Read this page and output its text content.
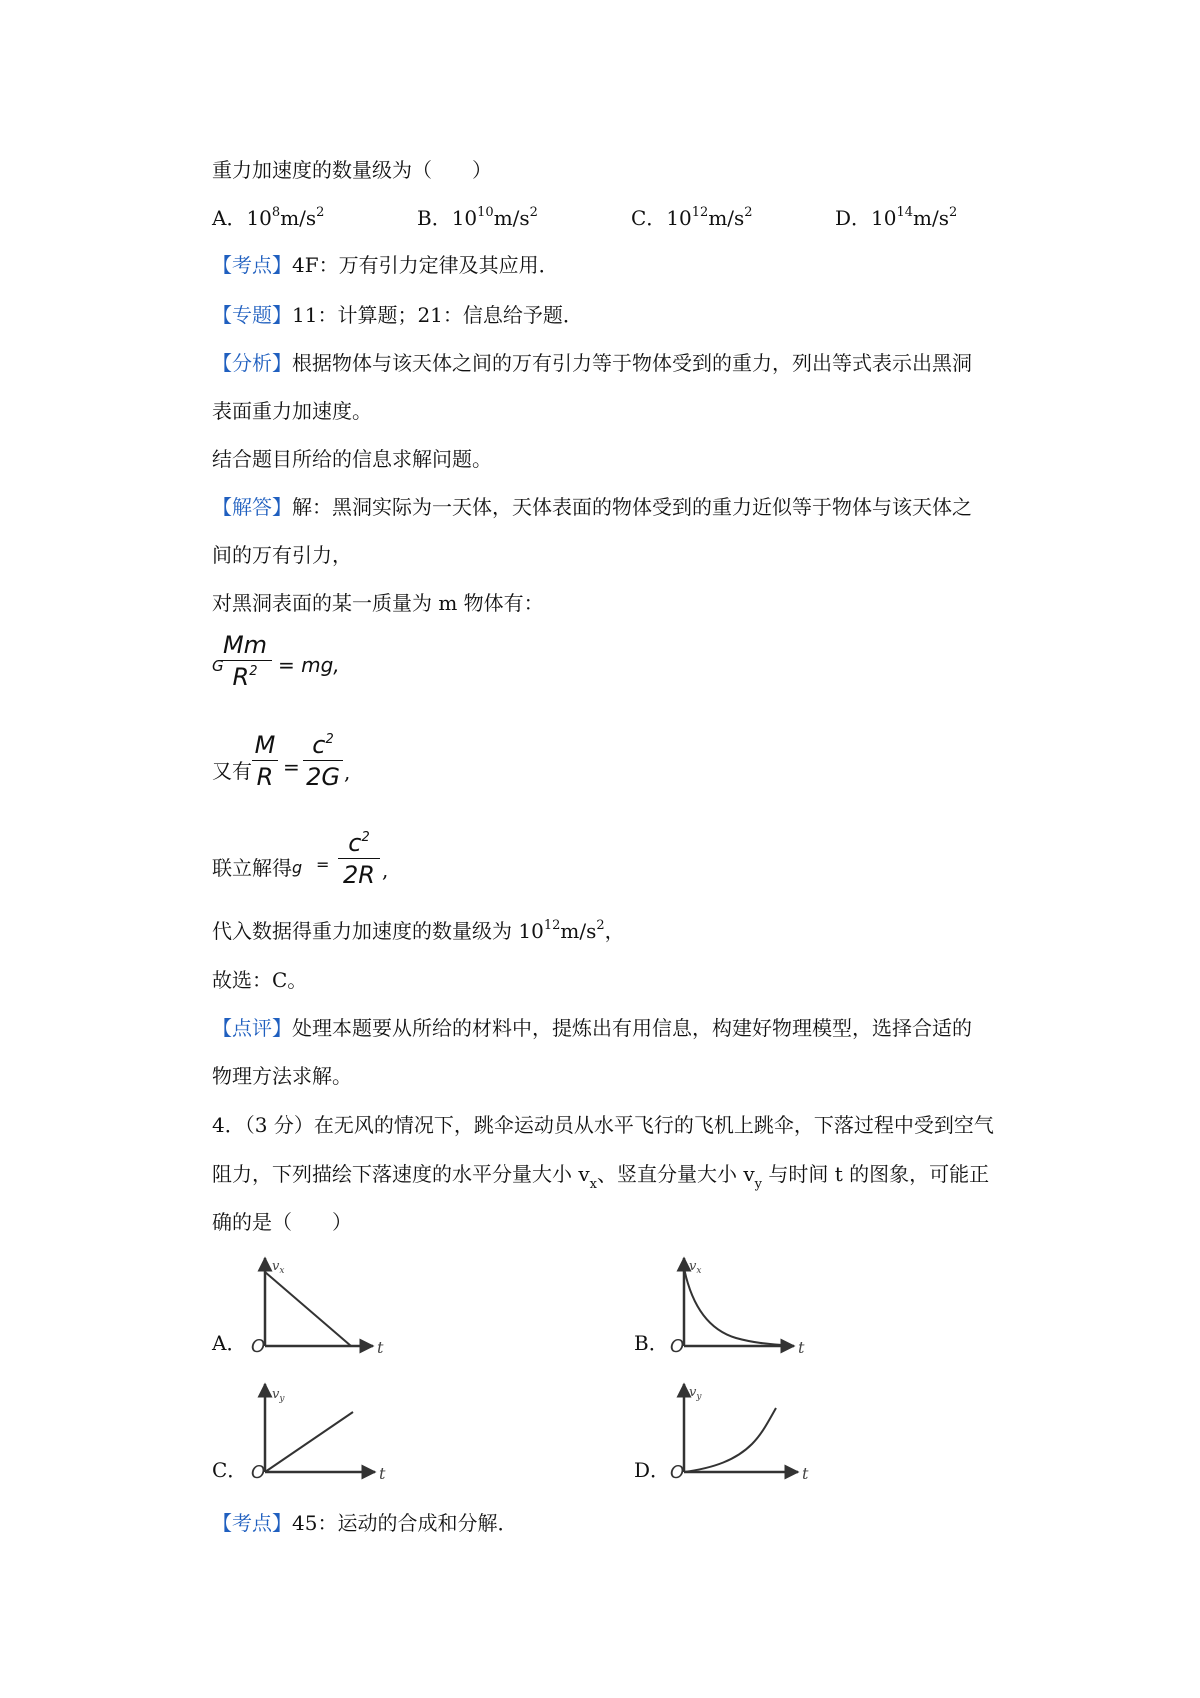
重力加速度的数量级为（　　）
A．$10^8m/s^2$	B．$10^{10}m/s^2$	C．$10^{12}m/s^2$	D．$10^{14}m/s^2$
【考点】4F：万有引力定律及其应用．
【专题】11：计算题；21：信息给予题．
【分析】根据物体与该天体之间的万有引力等于物体受到的重力，列出等式表示出黑洞
表面重力加速度。
结合题目所给的信息求解问题。
【解答】解：黑洞实际为一天体，天体表面的物体受到的重力近似等于物体与该天体之
间的万有引力，
对黑洞表面的某一质量为 m 物体有：
G
Mm
$R^2$	= mg,
又有
M
R =
$c^2$
2G ,
联立解得 g =
$c^2$
2R ,
代入数据得重力加速度的数量级为 $10^{12}m/s^2$，
故选：C。
【点评】处理本题要从所给的材料中，提炼出有用信息，构建好物理模型，选择合适的
物理方法求解。
4．（3 分）在无风的情况下，跳伞运动员从水平飞行的飞机上跳伞，下落过程中受到空气
阻力，下列描绘下落速度的水平分量大小 $v_x$、竖直分量大小 $v_y$ 与时间 t 的图象，可能正
确的是（　　）
A．
$v_x$
O	t	B．
$v_x$
O	t
C．
$v_y$
O	t	D．
$v_y$
O	t
【考点】45：运动的合成和分解．
